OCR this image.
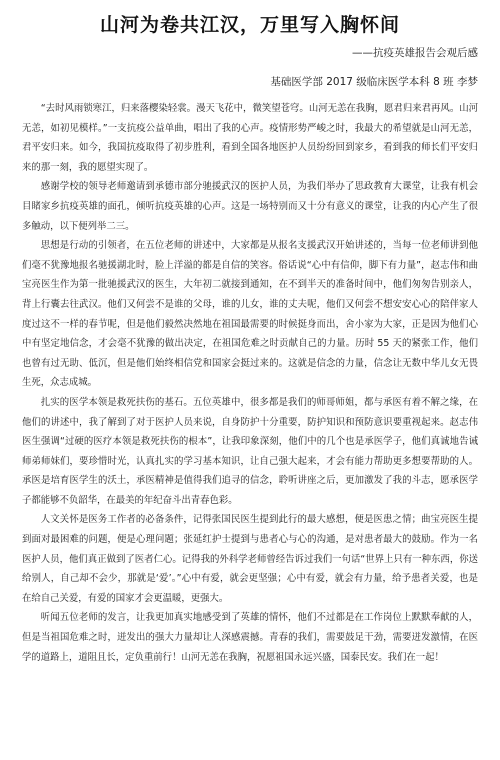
山河为卷共江汉，万里写入胸怀间
——抗疫英雄报告会观后感
基础医学部 2017 级临床医学本科 8 班 李梦

“去时风雨锁寒江，归来落樱染轻裳。漫天飞花中，微笑望苍穹。山河无恙在我胸，愿君归来君再风。山河无恙，如初见模样。”一支抗疫公益单曲，唱出了我的心声。疫情形势严峻之时，我最大的希望就是山河无恙，君平安归来。如今，我国抗疫取得了初步胜利，看到全国各地医护人员纷纷回到家乡，看到我的师长们平安归来的那一刻，我的愿望实现了。

感谢学校的领导老师邀请到承德市部分驰援武汉的医护人员，为我们举办了思政教育大课堂，让我有机会目睹家乡抗疫英雄的面孔，倾听抗疫英雄的心声。这是一场特别而又十分有意义的课堂，让我的内心产生了很多触动，以下便列举二三。

思想是行动的引领者，在五位老师的讲述中，大家都是从报名支援武汉开始讲述的，当每一位老师讲到他们毫不犹豫地报名驰援湖北时，脸上洋溢的都是自信的笑容。俗话说“心中有信仰，脚下有力量”，赵志伟和曲宝亮医生作为第一批驰援武汉的医生，大年初二就接到通知，在不到半天的准备时间中，他们匆匆告别亲人，背上行囊去往武汉。他们又何尝不是谁的父母，谁的儿女，谁的丈夫呢，他们又何尝不想安安心心的陪伴家人度过这不一样的春节呢，但是他们毅然决然地在祖国最需要的时候挺身而出，舍小家为大家，正是因为他们心中有坚定地信念，才会毫不犹豫的做出决定，在祖国危难之时贡献自己的力量。历时 55 天的紧张工作，他们也曾有过无助、低沉，但是他们始终相信党和国家会挺过来的。这就是信念的力量，信念让无数中华儿女无畏生死，众志成城。

扎实的医学本领是救死扶伤的基石。五位英雄中，很多都是我们的师哥师姐，都与承医有着不解之缘，在他们的讲述中，我了解到了对于医护人员来说，自身防护十分重要，防护知识和预防意识要重视起来。赵志伟医生强调“过硬的医疗本领是救死扶伤的根本”，让我印象深刻，他们中的几个也是承医学子，他们真诚地告诫师弟师妹们，要珍惜时光，认真扎实的学习基本知识，让自己强大起来，才会有能力帮助更多想要帮助的人。承医是培育医学生的沃土，承医精神是值得我们追寻的信念，聆听讲座之后，更加激发了我的斗志，愿承医学子都能够不负韶华，在最美的年纪奋斗出青春色彩。

人文关怀是医务工作者的必备条件，记得张国民医生提到此行的最大感想，便是医患之情；曲宝亮医生提到面对最困难的问题，便是心理问题；张延红护士提到与患者心与心的沟通，是对患者最大的鼓励。作为一名医护人员，他们真正做到了医者仁心。记得我的外科学老师曾经告诉过我们一句话“世界上只有一种东西，你送给别人，自己却不会少，那就是‘爱’。”心中有爱，就会更坚强；心中有爱，就会有力量，给予患者关爱，也是在给自己关爱，有爱的国家才会更温暖，更强大。

听闻五位老师的发言，让我更加真实地感受到了英雄的情怀，他们不过都是在工作岗位上默默奉献的人，但是当祖国危难之时，迸发出的强大力量却让人深感震撼。青春的我们，需要鼓足干劲，需要迸发激情，在医学的道路上，道阻且长，定负重前行！山河无恙在我胸，祝愿祖国永远兴盛，国泰民安。我们在一起！
